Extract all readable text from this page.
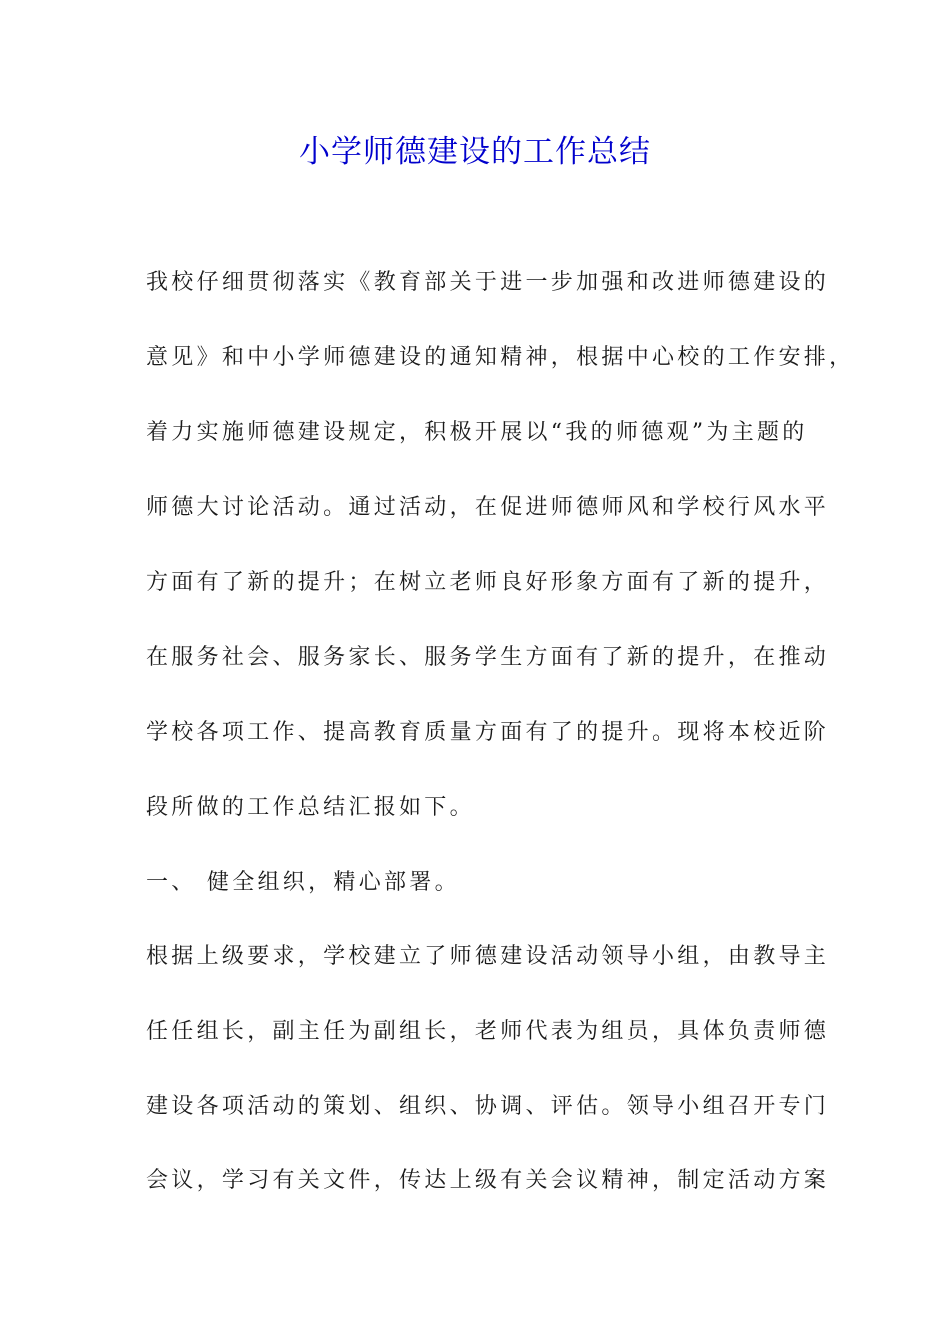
小学师德建设的工作总结

我校仔细贯彻落实《教育部关于进一步加强和改进师德建设的

意见》和中小学师德建设的通知精神，根据中心校的工作安排，

着力实施师德建设规定，积极开展以“我的师德观”为主题的

师德大讨论活动。通过活动，在促进师德师风和学校行风水平

方面有了新的提升；在树立老师良好形象方面有了新的提升，

在服务社会、服务家长、服务学生方面有了新的提升，在推动

学校各项工作、提高教育质量方面有了的提升。现将本校近阶

段所做的工作总结汇报如下。

一、 健全组织，精心部署。

根据上级要求，学校建立了师德建设活动领导小组，由教导主

任任组长，副主任为副组长，老师代表为组员，具体负责师德

建设各项活动的策划、组织、协调、评估。领导小组召开专门

会议，学习有关文件，传达上级有关会议精神，制定活动方案
